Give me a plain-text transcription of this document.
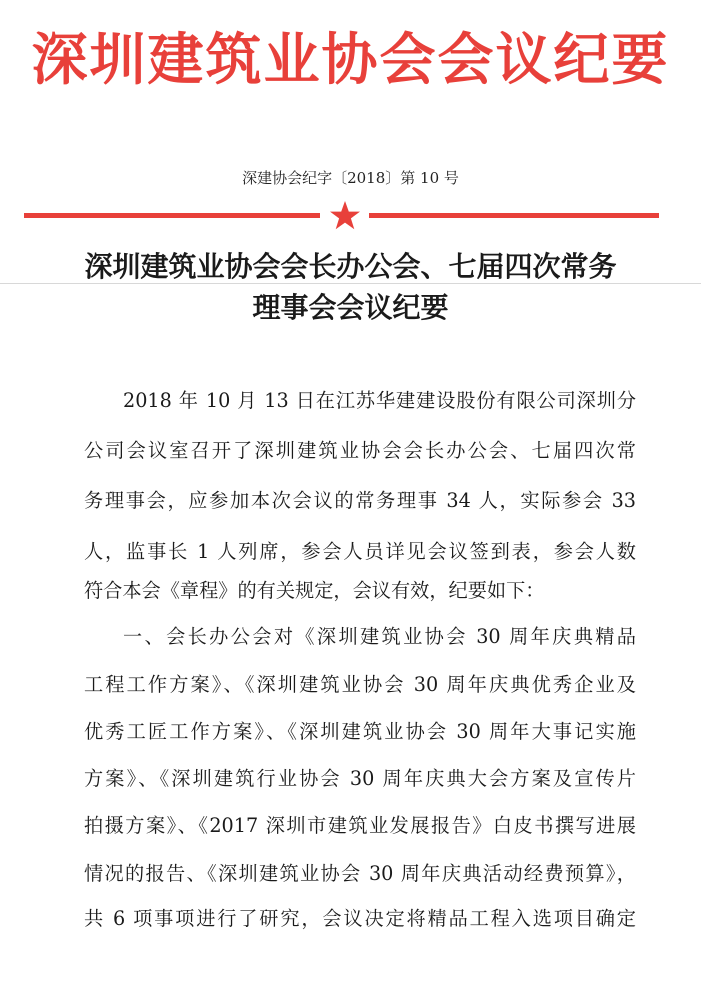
深圳建筑业协会会议纪要
深建协会纪字〔2018〕第 10 号
深圳建筑业协会会长办公会、七届四次常务
理事会会议纪要
2018 年 10 月 13 日在江苏华建建设股份有限公司深圳分
公司会议室召开了深圳建筑业协会会长办公会、七届四次常
务理事会，应参加本次会议的常务理事 34 人，实际参会 33
人，监事长 1 人列席，参会人员详见会议签到表，参会人数
符合本会《章程》的有关规定，会议有效，纪要如下：
一、会长办公会对《深圳建筑业协会 30 周年庆典精品
工程工作方案》、《深圳建筑业协会 30 周年庆典优秀企业及
优秀工匠工作方案》、《深圳建筑业协会 30 周年大事记实施
方案》、《深圳建筑行业协会 30 周年庆典大会方案及宣传片
拍摄方案》、《2017 深圳市建筑业发展报告》白皮书撰写进展
情况的报告、《深圳建筑业协会 30 周年庆典活动经费预算》，
共 6 项事项进行了研究，会议决定将精品工程入选项目确定
